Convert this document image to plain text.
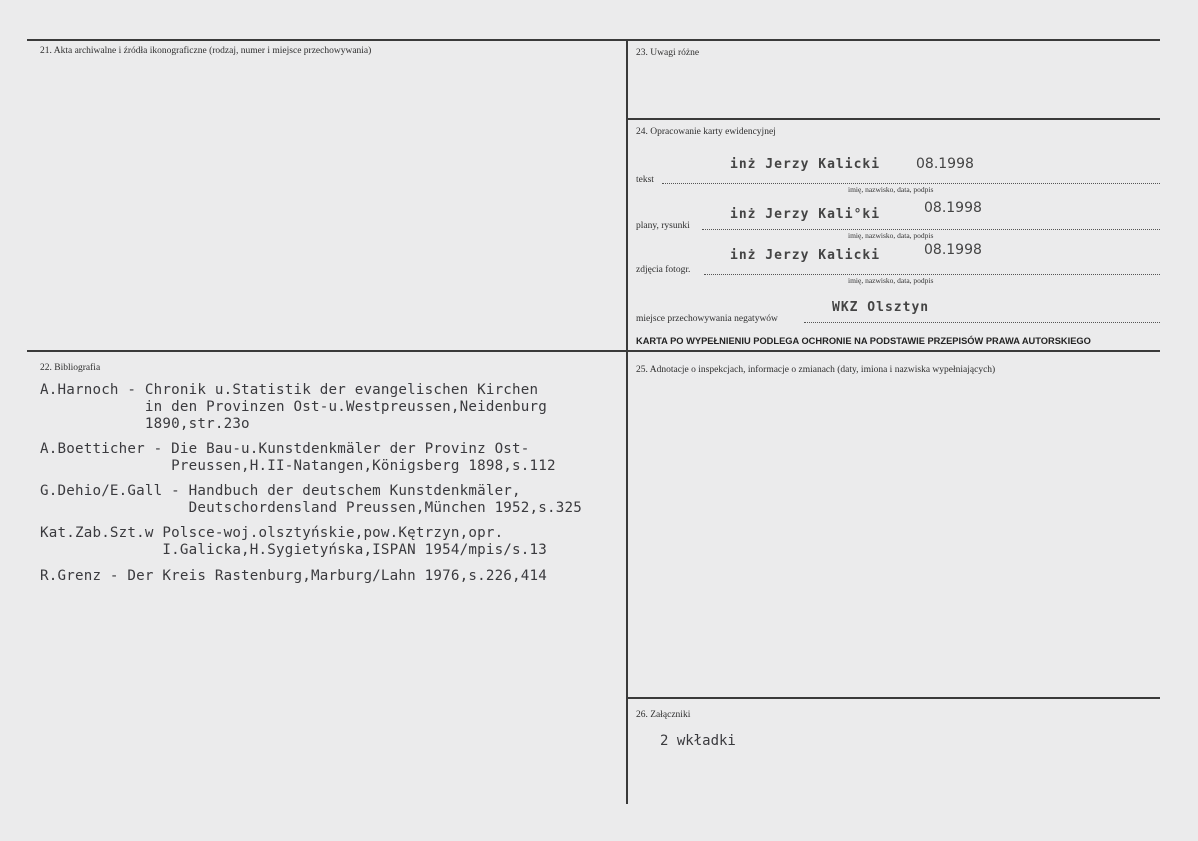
21. Akta archiwalne i źródła ikonograficzne (rodzaj, numer i miejsce przechowywania)	23. Uwagi różne
24. Opracowanie karty ewidencyjnej
inż Jerzy Kalicki	08.1998
tekst
imię, nazwisko, data, podpis
inż Jerzy Kali°ki	08.1998
plany, rysunki
imię, nazwisko, data, podpis
inż Jerzy Kalicki	08.1998
zdjęcia fotogr.
imię, nazwisko, data, podpis
WKZ Olsztyn
miejsce przechowywania negatywów
KARTA PO WYPEŁNIENIU PODLEGA OCHRONIE NA PODSTAWIE PRZEPISÓW PRAWA AUTORSKIEGO
22. Bibliografia
A.Harnoch - Chronik u.Statistik der evangelischen Kirchen
in den Provinzen Ost-u.Westpreussen,Neidenburg
1890,str.23o
A.Boetticher - Die Bau-u.Kunstdenkmäler der Provinz Ost-
Preussen,H.II-Natangen,Königsberg 1898,s.112
G.Dehio/E.Gall - Handbuch der deutschem Kunstdenkmäler,
Deutschordensland Preussen,München 1952,s.325
Kat.Zab.Szt.w Polsce-woj.olsztyńskie,pow.Kętrzyn,opr.
I.Galicka,H.Sygietyńska,ISPAN 1954/mpis/s.13
R.Grenz - Der Kreis Rastenburg,Marburg/Lahn 1976,s.226,414
25. Adnotacje o inspekcjach, informacje o zmianach (daty, imiona i nazwiska wypełniających)
26. Załączniki
2 wkładki
